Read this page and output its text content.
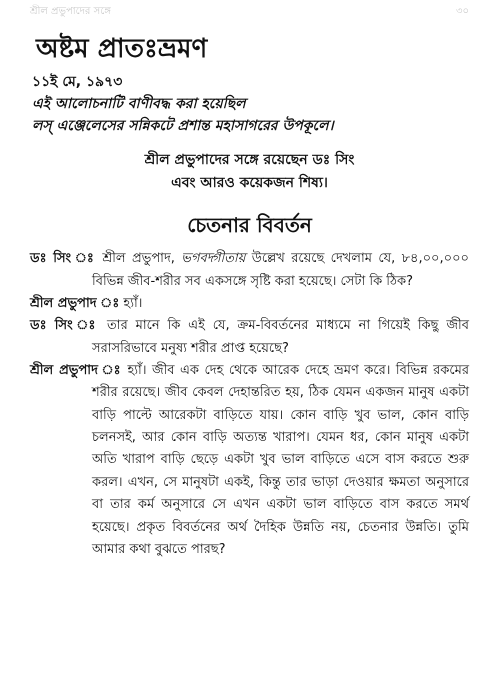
শ্রীল প্রভুপাদের সঙ্গে	৩০
অষ্টম প্রাতঃভ্রমণ
১১ই মে, ১৯৭৩
এই আলোচনাটি বাণীবদ্ধ করা হয়েছিল
লস্‌ এঞ্জেলেসের সন্নিকটে প্রশান্ত মহাসাগরের উপকূলে।
শ্রীল প্রভুপাদের সঙ্গে রয়েছেন ডঃ সিং
এবং আরও কয়েকজন শিষ্য।
চেতনার বিবর্তন

ডঃ সিং ঃ শ্রীল প্রভুপাদ, ভগবদ্গীতায় উল্লেখ রয়েছে দেখলাম যে, ৮৪,০০,০০০ বিভিন্ন জীব-শরীর সব একসঙ্গে সৃষ্টি করা হয়েছে। সেটা কি ঠিক?

শ্রীল প্রভুপাদ ঃ হ্যাঁ।

ডঃ সিং ঃ তার মানে কি এই যে, ক্রম-বিবর্তনের মাধ্যমে না গিয়েই কিছু জীব সরাসরিভাবে মনুষ্য শরীর প্রাপ্ত হয়েছে?

শ্রীল প্রভুপাদ ঃ হ্যাঁ। জীব এক দেহ থেকে আরেক দেহে ভ্রমণ করে। বিভিন্ন রকমের শরীর রয়েছে। জীব কেবল দেহান্তরিত হয়, ঠিক যেমন একজন মানুষ একটা বাড়ি পাল্টে আরেকটা বাড়িতে যায়। কোন বাড়ি খুব ভাল, কোন বাড়ি চলনসই, আর কোন বাড়ি অত্যন্ত খারাপ। যেমন ধর, কোন মানুষ একটা অতি খারাপ বাড়ি ছেড়ে একটা খুব ভাল বাড়িতে এসে বাস করতে শুরু করল। এখন, সে মানুষটা একই, কিন্তু তার ভাড়া দেওয়ার ক্ষমতা অনুসারে বা তার কর্ম অনুসারে সে এখন একটা ভাল বাড়িতে বাস করতে সমর্থ হয়েছে। প্রকৃত বিবর্তনের অর্থ দৈহিক উন্নতি নয়, চেতনার উন্নতি। তুমি আমার কথা বুঝতে পারছ?
